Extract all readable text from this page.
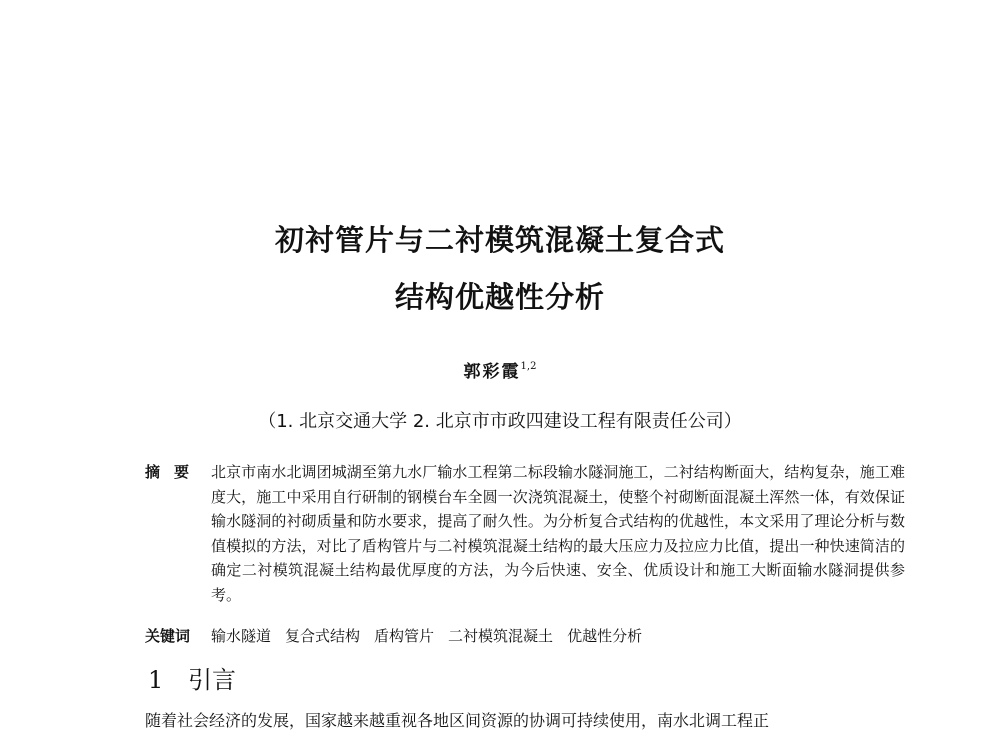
初衬管片与二衬模筑混凝土复合式
结构优越性分析
郭彩霞$^{1,2}$
（1. 北京交通大学 2. 北京市市政四建设工程有限责任公司）
摘要 北京市南水北调团城湖至第九水厂输水工程第二标段输水隧洞施工，二衬结构断面大，结构复杂，施工难度大，施工中采用自行研制的钢模台车全圆一次浇筑混凝土，使整个衬砌断面混凝土浑然一体，有效保证输水隧洞的衬砌质量和防水要求，提高了耐久性。为分析复合式结构的优越性，本文采用了理论分析与数值模拟的方法，对比了盾构管片与二衬模筑混凝土结构的最大压应力及拉应力比值，提出一种快速简洁的确定二衬模筑混凝土结构最优厚度的方法，为今后快速、安全、优质设计和施工大断面输水隧洞提供参考。
关键词 输水隧道 复合式结构 盾构管片 二衬模筑混凝土 优越性分析
1 引言
随着社会经济的发展，国家越来越重视各地区间资源的协调可持续使用，南水北调工程正
